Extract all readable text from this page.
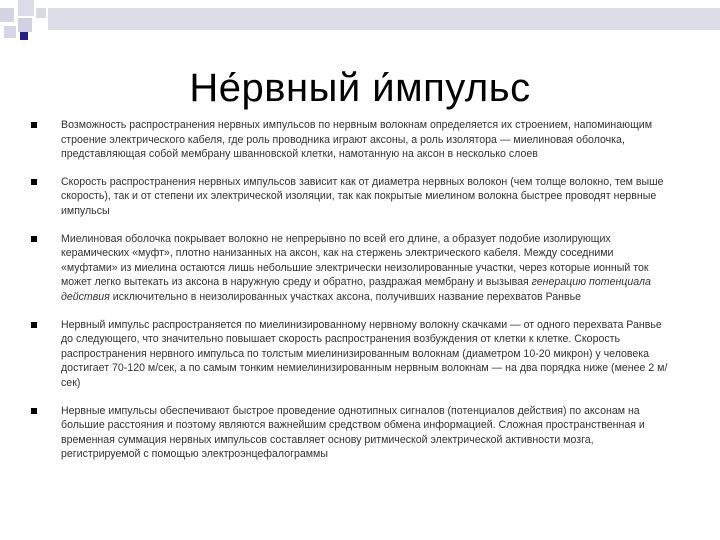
Не́рвный и́мпульс
Возможность распространения нервных импульсов по нервным волокнам определяется их строением, напоминающим строение электрического кабеля, где роль проводника играют аксоны, а роль изолятора — миелиновая оболочка, представляющая собой мембрану шванновской клетки, намотанную на аксон в несколько слоев
Скорость распространения нервных импульсов зависит как от диаметра нервных волокон (чем толще волокно, тем выше скорость), так и от степени их электрической изоляции, так как покрытые миелином волокна быстрее проводят нервные импульсы
Миелиновая оболочка покрывает волокно не непрерывно по всей его длине, а образует подобие изолирующих керамических «муфт», плотно нанизанных на аксон, как на стержень электрического кабеля. Между соседними «муфтами» из миелина остаются лишь небольшие электрически неизолированные участки, через которые ионный ток может легко вытекать из аксона в наружную среду и обратно, раздражая мембрану и вызывая генерацию потенциала действия исключительно в неизолированных участках аксона, получивших название перехватов Ранвье
Нервный импульс распространяется по миелинизированному нервному волокну скачками — от одного перехвата Ранвье до следующего, что значительно повышает скорость распространения возбуждения от клетки к клетке. Скорость распространения нервного импульса по толстым миелинизированным волокнам (диаметром 10-20 микрон) у человека достигает 70-120 м/сек, а по самым тонким немиелинизированным нервным волокнам — на два порядка ниже (менее 2 м/сек)
Нервные импульсы обеспечивают быстрое проведение однотипных сигналов (потенциалов действия) по аксонам на большие расстояния и поэтому являются важнейшим средством обмена информацией. Сложная пространственная и временная суммация нервных импульсов составляет основу ритмической электрической активности мозга, регистрируемой с помощью электроэнцефалограммы
